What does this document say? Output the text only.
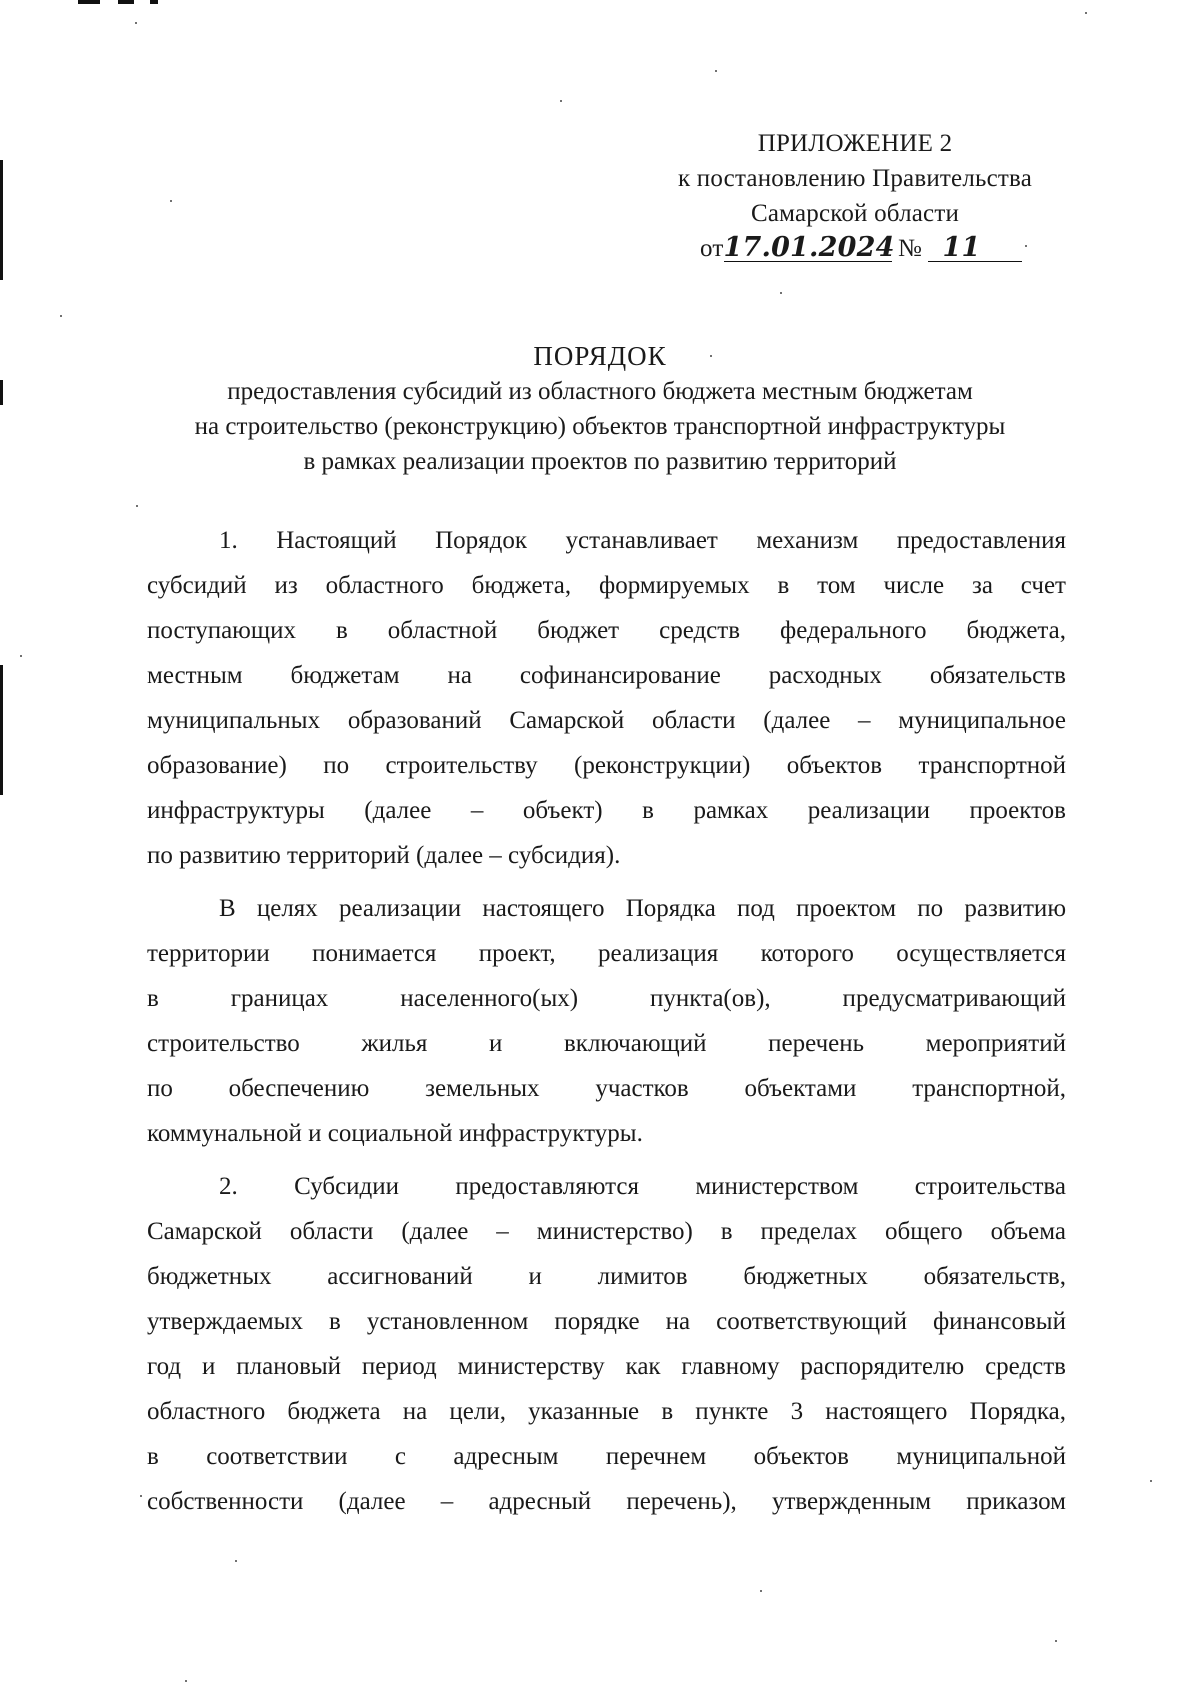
ПРИЛОЖЕНИЕ 2
к постановлению Правительства
Самарской области
от17.01.2024 № 11
ПОРЯДОК
предоставления субсидий из областного бюджета местным бюджетам
на строительство (реконструкцию) объектов транспортной инфраструктуры
в рамках реализации проектов по развитию территорий
1. Настоящий Порядок устанавливает механизм предоставления
субсидий из областного бюджета, формируемых в том числе за счет
поступающих в областной бюджет средств федерального бюджета,
местным бюджетам на софинансирование расходных обязательств
муниципальных образований Самарской области (далее – муниципальное
образование) по строительству (реконструкции) объектов транспортной
инфраструктуры (далее – объект) в рамках реализации проектов
по развитию территорий (далее – субсидия).
В целях реализации настоящего Порядка под проектом по развитию
территории понимается проект, реализация которого осуществляется
в границах населенного(ых) пункта(ов), предусматривающий
строительство жилья и включающий перечень мероприятий
по обеспечению земельных участков объектами транспортной,
коммунальной и социальной инфраструктуры.
2. Субсидии предоставляются министерством строительства
Самарской области (далее – министерство) в пределах общего объема
бюджетных ассигнований и лимитов бюджетных обязательств,
утверждаемых в установленном порядке на соответствующий финансовый
год и плановый период министерству как главному распорядителю средств
областного бюджета на цели, указанные в пункте 3 настоящего Порядка,
в соответствии с адресным перечнем объектов муниципальной
собственности (далее – адресный перечень), утвержденным приказом
